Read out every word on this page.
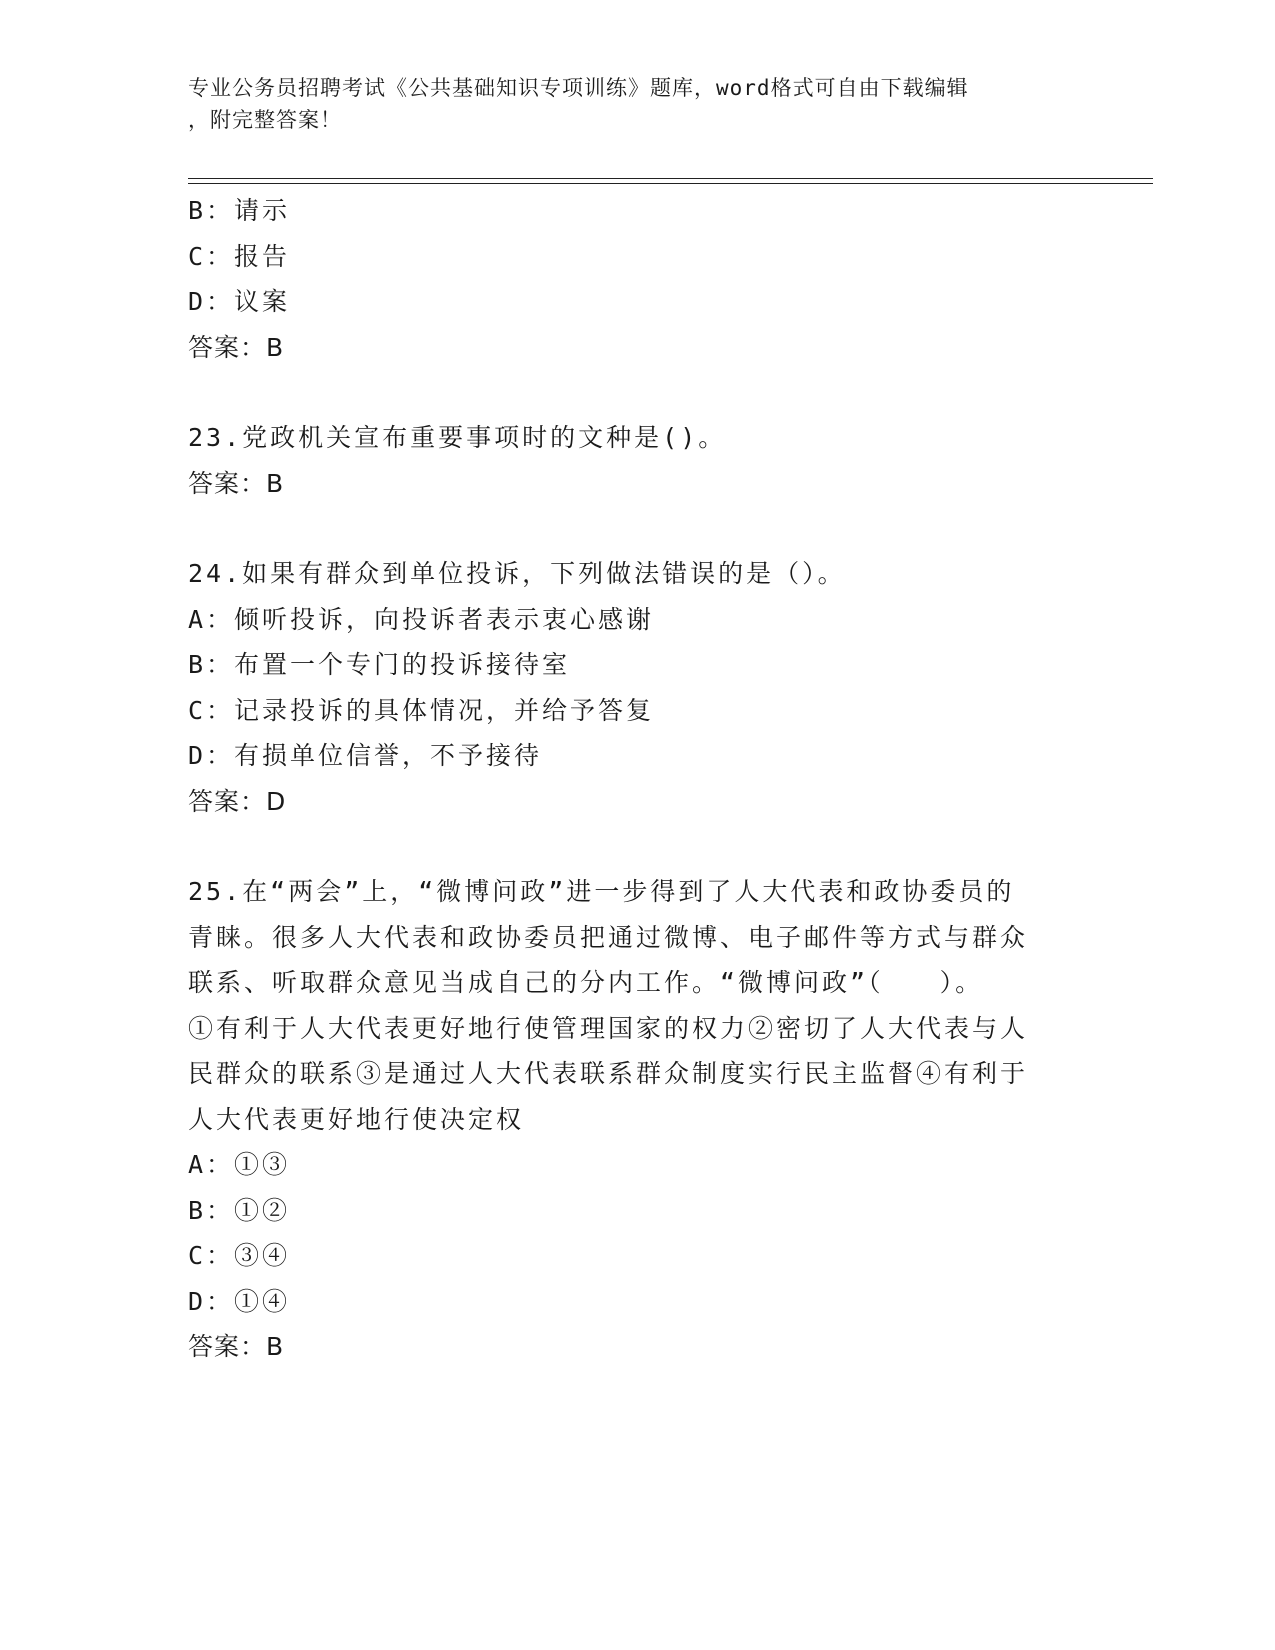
专业公务员招聘考试《公共基础知识专项训练》题库，word格式可自由下载编辑
，附完整答案！
B：请示
C：报告
D：议案
答案：B
23.党政机关宣布重要事项时的文种是()。
答案：B
24.如果有群众到单位投诉，下列做法错误的是（）。
A：倾听投诉，向投诉者表示衷心感谢
B：布置一个专门的投诉接待室
C：记录投诉的具体情况，并给予答复
D：有损单位信誉，不予接待
答案：D
25.在“两会”上，“微博问政”进一步得到了人大代表和政协委员的
青睐。很多人大代表和政协委员把通过微博、电子邮件等方式与群众
联系、听取群众意见当成自己的分内工作。“微博问政”（　　）。
①有利于人大代表更好地行使管理国家的权力②密切了人大代表与人
民群众的联系③是通过人大代表联系群众制度实行民主监督④有利于
人大代表更好地行使决定权
A：①③
B：①②
C：③④
D：①④
答案：B
